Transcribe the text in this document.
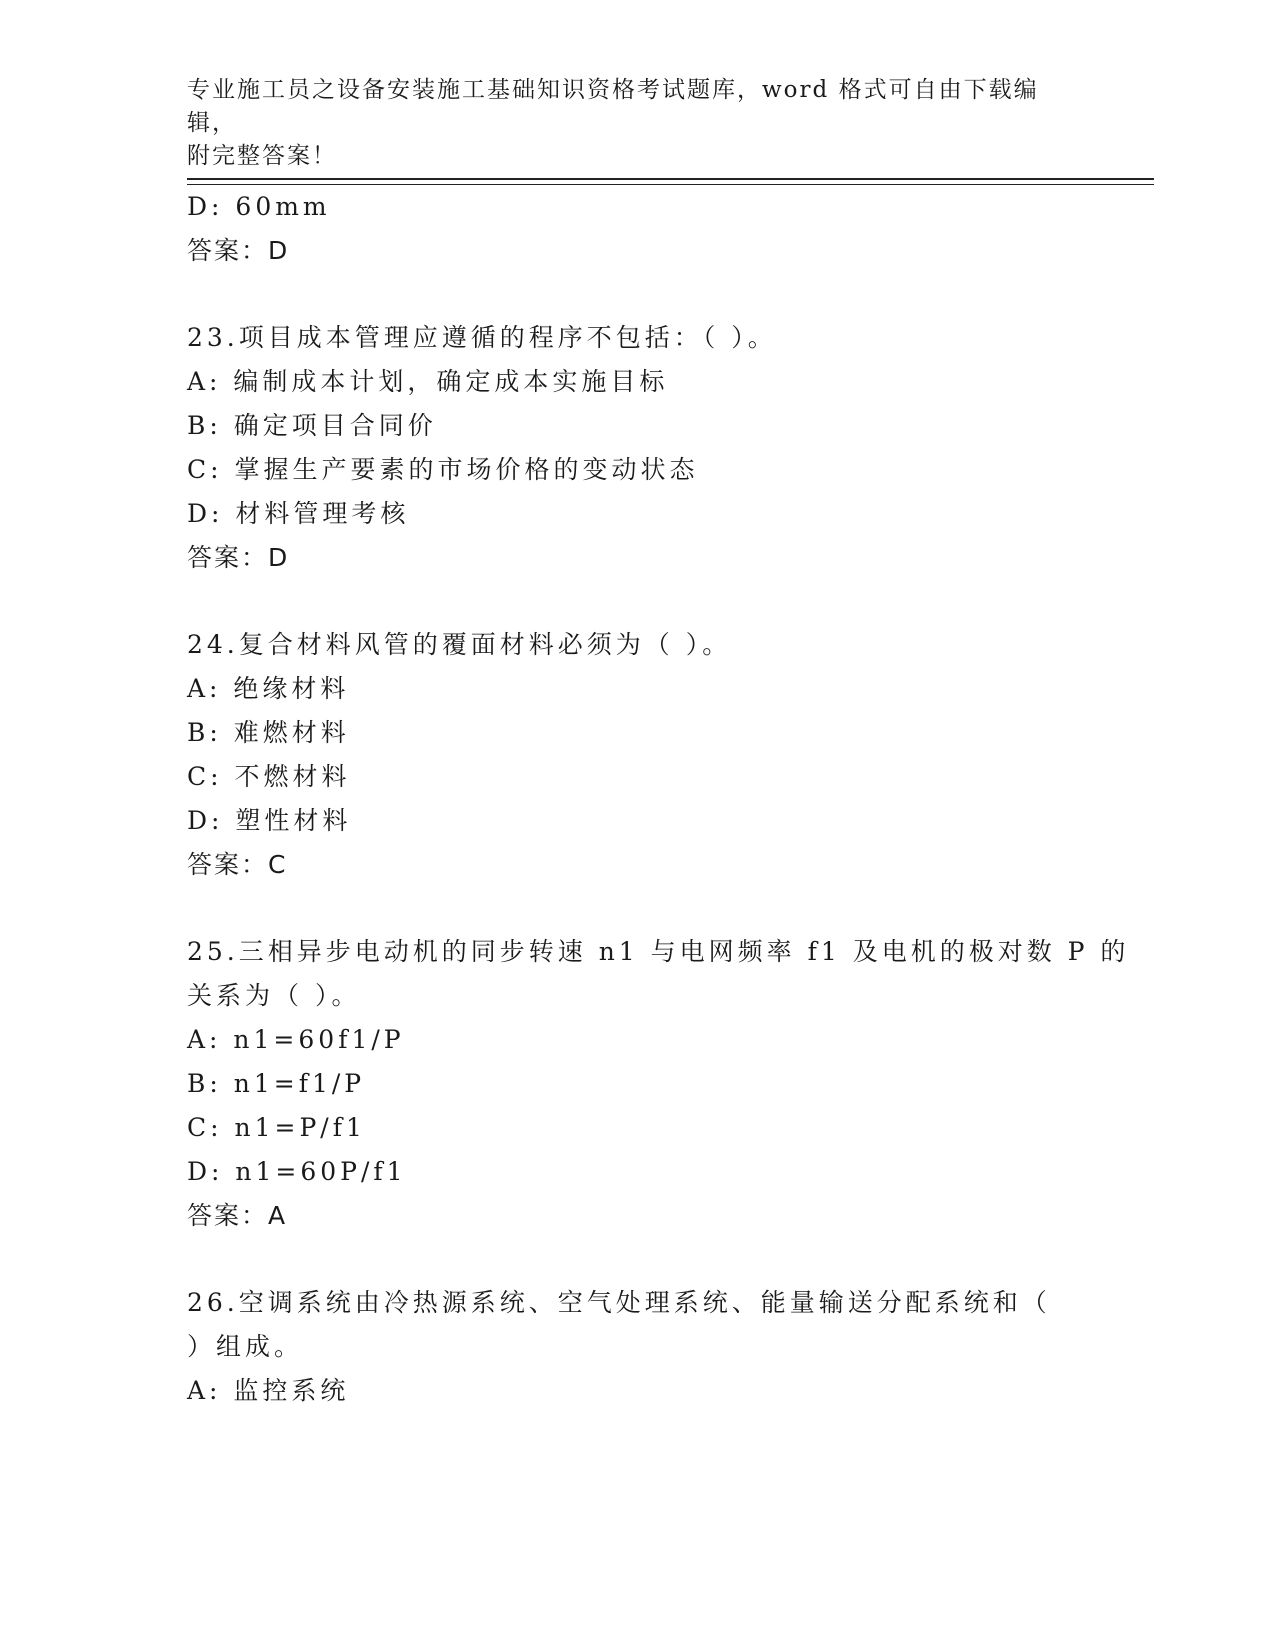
专业施工员之设备安装施工基础知识资格考试题库，word 格式可自由下载编辑，
附完整答案！
D: 60mm
答案：D
23.项目成本管理应遵循的程序不包括：（ ）。
A: 编制成本计划，确定成本实施目标
B: 确定项目合同价
C: 掌握生产要素的市场价格的变动状态
D: 材料管理考核
答案：D
24.复合材料风管的覆面材料必须为（ ）。
A: 绝缘材料
B: 难燃材料
C: 不燃材料
D: 塑性材料
答案：C
25.三相异步电动机的同步转速 n1 与电网频率 f1 及电机的极对数 P 的
关系为（ ）。
A: n1=60f1/P
B: n1=f1/P
C: n1=P/f1
D: n1=60P/f1
答案：A
26.空调系统由冷热源系统、空气处理系统、能量输送分配系统和（
）组成。
A: 监控系统
